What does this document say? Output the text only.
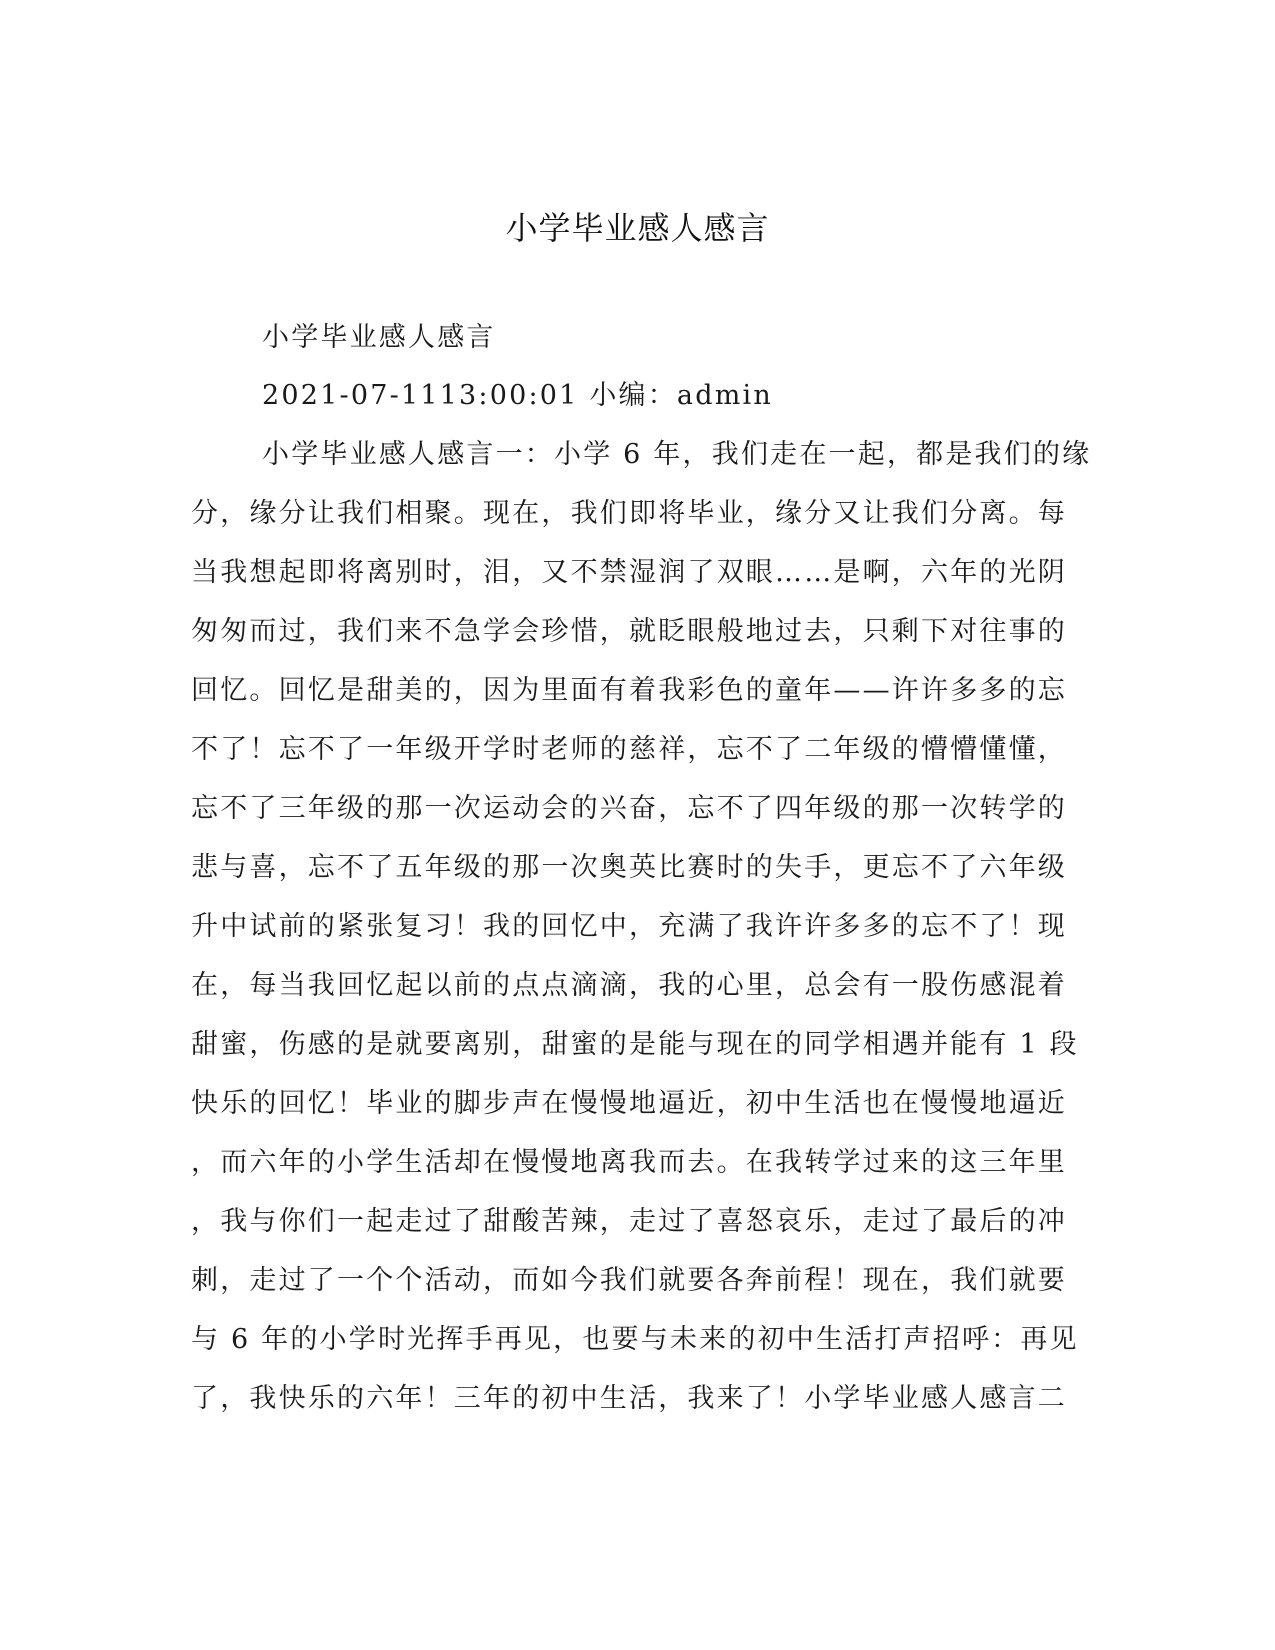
小学毕业感人感言
小学毕业感人感言
2021-07-1113:00:01 小编：admin
小学毕业感人感言一：小学 6 年，我们走在一起，都是我们的缘
分，缘分让我们相聚。现在，我们即将毕业，缘分又让我们分离。每
当我想起即将离别时，泪，又不禁湿润了双眼……是啊，六年的光阴
匆匆而过，我们来不急学会珍惜，就眨眼般地过去，只剩下对往事的
回忆。回忆是甜美的，因为里面有着我彩色的童年——许许多多的忘
不了！忘不了一年级开学时老师的慈祥，忘不了二年级的懵懵懂懂，
忘不了三年级的那一次运动会的兴奋，忘不了四年级的那一次转学的
悲与喜，忘不了五年级的那一次奥英比赛时的失手，更忘不了六年级
升中试前的紧张复习！我的回忆中，充满了我许许多多的忘不了！现
在，每当我回忆起以前的点点滴滴，我的心里，总会有一股伤感混着
甜蜜，伤感的是就要离别，甜蜜的是能与现在的同学相遇并能有 1 段
快乐的回忆！毕业的脚步声在慢慢地逼近，初中生活也在慢慢地逼近
，而六年的小学生活却在慢慢地离我而去。在我转学过来的这三年里
，我与你们一起走过了甜酸苦辣，走过了喜怒哀乐，走过了最后的冲
刺，走过了一个个活动，而如今我们就要各奔前程！现在，我们就要
与 6 年的小学时光挥手再见，也要与未来的初中生活打声招呼：再见
了，我快乐的六年！三年的初中生活，我来了！小学毕业感人感言二
